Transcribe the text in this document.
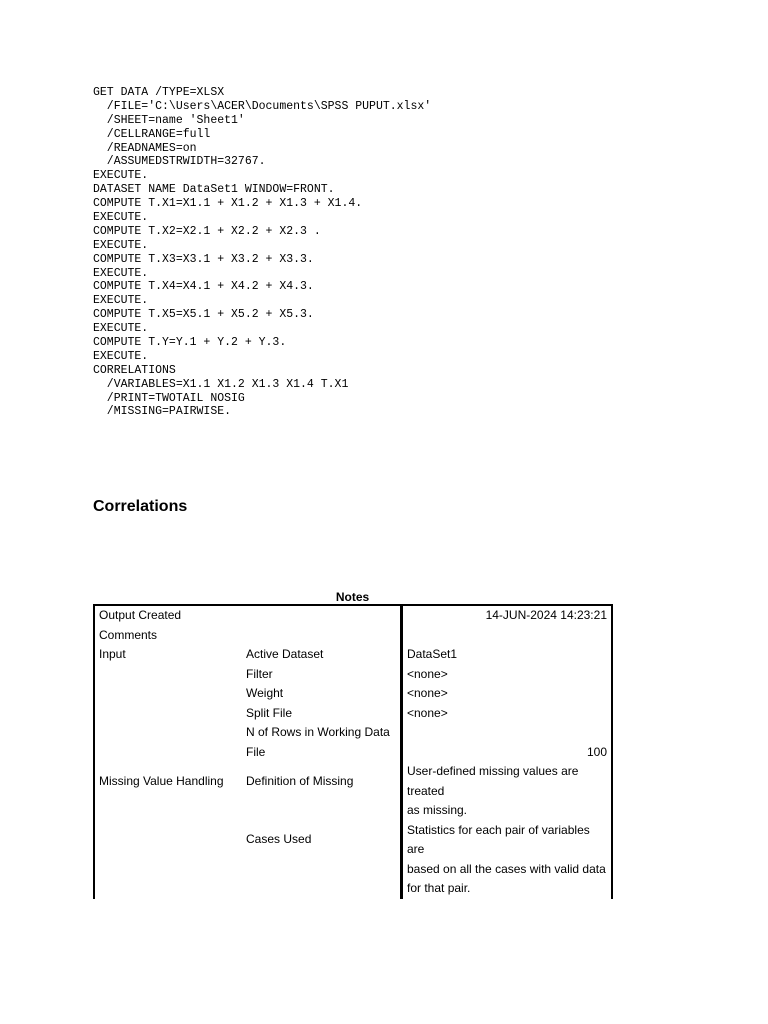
GET DATA /TYPE=XLSX
/FILE='C:\Users\ACER\Documents\SPSS PUPUT.xlsx'
/SHEET=name 'Sheet1'
/CELLRANGE=full
/READNAMES=on
/ASSUMEDSTRWIDTH=32767.
EXECUTE.
DATASET NAME DataSet1 WINDOW=FRONT.
COMPUTE T.X1=X1.1 + X1.2 + X1.3 + X1.4.
EXECUTE.
COMPUTE T.X2=X2.1 + X2.2 + X2.3 .
EXECUTE.
COMPUTE T.X3=X3.1 + X3.2 + X3.3.
EXECUTE.
COMPUTE T.X4=X4.1 + X4.2 + X4.3.
EXECUTE.
COMPUTE T.X5=X5.1 + X5.2 + X5.3.
EXECUTE.
COMPUTE T.Y=Y.1 + Y.2 + Y.3.
EXECUTE.
CORRELATIONS
/VARIABLES=X1.1 X1.2 X1.3 X1.4 T.X1
/PRINT=TWOTAIL NOSIG
/MISSING=PAIRWISE.
Correlations
Notes
Output Created		14-JUN-2024 14:23:21
Comments		
Input	Active Dataset	DataSet1
	Filter	<none>
	Weight	<none>
	Split File	<none>
	N of Rows in Working Data	100
	File	
Missing Value Handling	Definition of Missing	User-defined missing values are treated
		as missing.
	Cases Used	Statistics for each pair of variables are
		based on all the cases with valid data
		for that pair.
